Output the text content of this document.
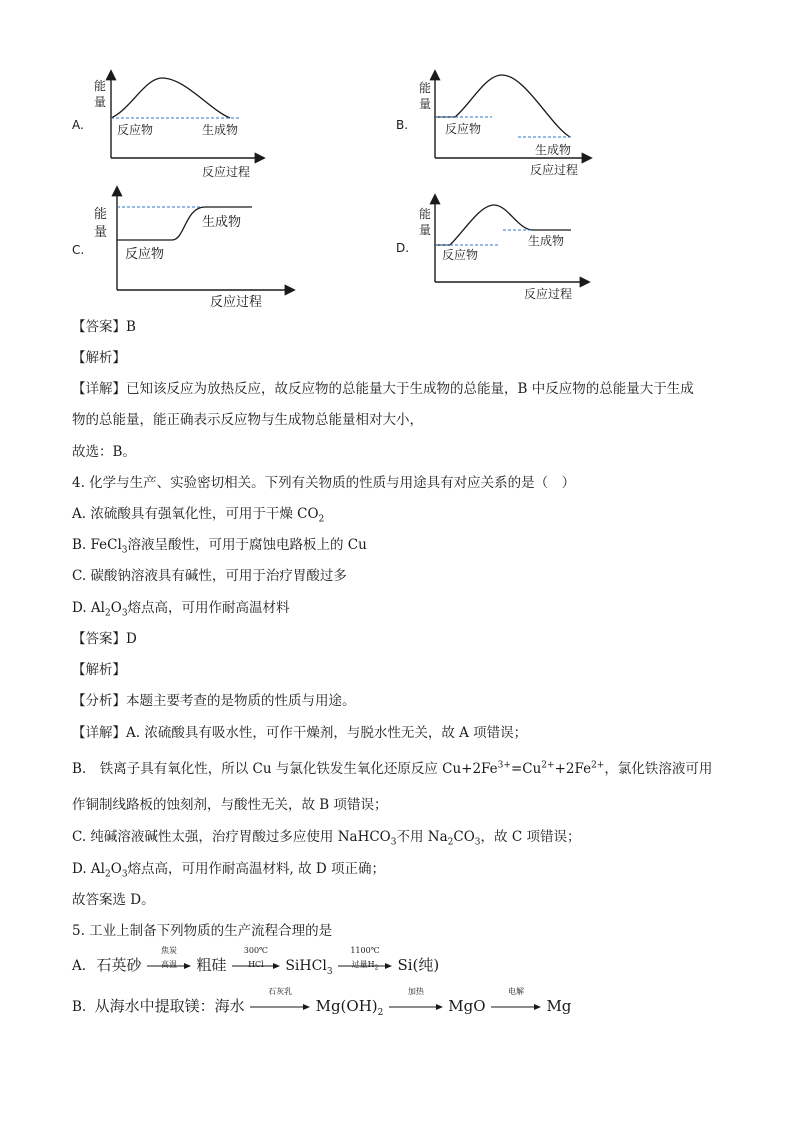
A.
能
量
反应物	生成物
反应过程
B.
能
量
反应物
生成物
反应过程
C.
能
量
反应物
生成物
反应过程
D.
能
量
反应物
生成物
反应过程
【答案】B
【解析】
【详解】已知该反应为放热反应，故反应物的总能量大于生成物的总能量，B 中反应物的总能量大于生成
物的总能量，能正确表示反应物与生成物总能量相对大小，
故选：B。
4. 化学与生产、实验密切相关。下列有关物质的性质与用途具有对应关系的是（　）
A. 浓硫酸具有强氧化性，可用于干燥 $CO_2$
B. FeCl$_3$溶液呈酸性，可用于腐蚀电路板上的 Cu
C. 碳酸钠溶液具有碱性，可用于治疗胃酸过多
D. $Al_2O_3$熔点高，可用作耐高温材料
【答案】D
【解析】
【分析】本题主要考查的是物质的性质与用途。
【详解】A. 浓硫酸具有吸水性，可作干燥剂，与脱水性无关，故 A 项错误；
B.　铁离子具有氧化性，所以 Cu 与氯化铁发生氧化还原反应 $Cu+2Fe^{3+}=Cu^{2+}+2Fe^{2+}$，氯化铁溶液可用
作铜制线路板的蚀刻剂，与酸性无关，故 B 项错误；
C. 纯碱溶液碱性太强，治疗胃酸过多应使用 NaHCO$_3$不用 $Na_2CO_3$，故 C 项错误；
D. $Al_2O_3$熔点高，可用作耐高温材料, 故 D 项正确；
故答案选 D。
5. 工业上制备下列物质的生产流程合理的是
A. 石英砂
焦炭
高温	粗硅
300℃
HCl	SiHCl$_3$
1100℃
过量$H_2$	Si(纯)
B. 从海水中提取镁：海水
石灰乳
$Mg(OH)_2$
加热
MgO
电解
Mg
